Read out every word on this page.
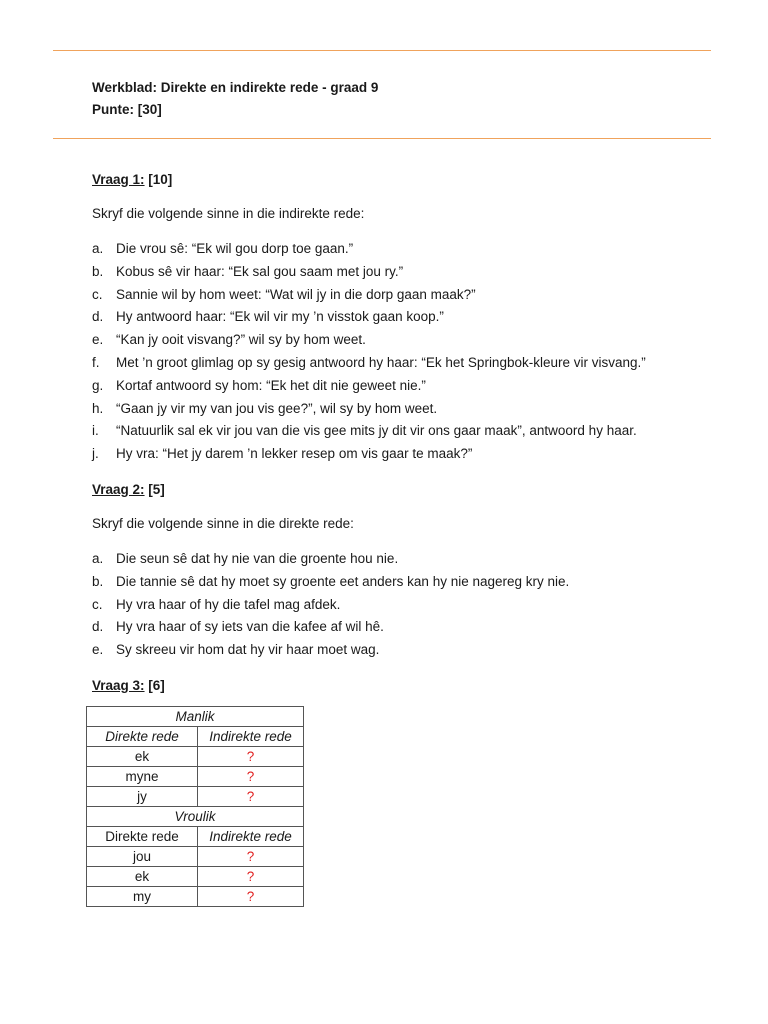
Werkblad: Direkte en indirekte rede - graad 9
Punte: [30]
Vraag 1: [10]
Skryf die volgende sinne in die indirekte rede:
a. Die vrou sê: “Ek wil gou dorp toe gaan.”
b. Kobus sê vir haar: “Ek sal gou saam met jou ry.”
c. Sannie wil by hom weet: “Wat wil jy in die dorp gaan maak?”
d. Hy antwoord haar: “Ek wil vir my ’n visstok gaan koop.”
e. “Kan jy ooit visvang?” wil sy by hom weet.
f.	Met ’n groot glimlag op sy gesig antwoord hy haar: “Ek het Springbok-kleure vir visvang.”
g. Kortaf antwoord sy hom: “Ek het dit nie geweet nie.”
h. “Gaan jy vir my van jou vis gee?”, wil sy by hom weet.
i.	“Natuurlik sal ek vir jou van die vis gee mits jy dit vir ons gaar maak”, antwoord hy haar.
j.	Hy vra: “Het jy darem ’n lekker resep om vis gaar te maak?”
Vraag 2: [5]
Skryf die volgende sinne in die direkte rede:
a. Die seun sê dat hy nie van die groente hou nie.
b. Die tannie sê dat hy moet sy groente eet anders kan hy nie nagereg kry nie.
c. Hy vra haar of hy die tafel mag afdek.
d. Hy vra haar of sy iets van die kafee af wil hê.
e. Sy skreeu vir hom dat hy vir haar moet wag.
Vraag 3: [6]
Manlik	
Direkte rede	Indirekte rede
ek	?
myne	?
jy	?
Vroulik	
Direkte rede	Indirekte rede
jou	?
ek	?
my	?
